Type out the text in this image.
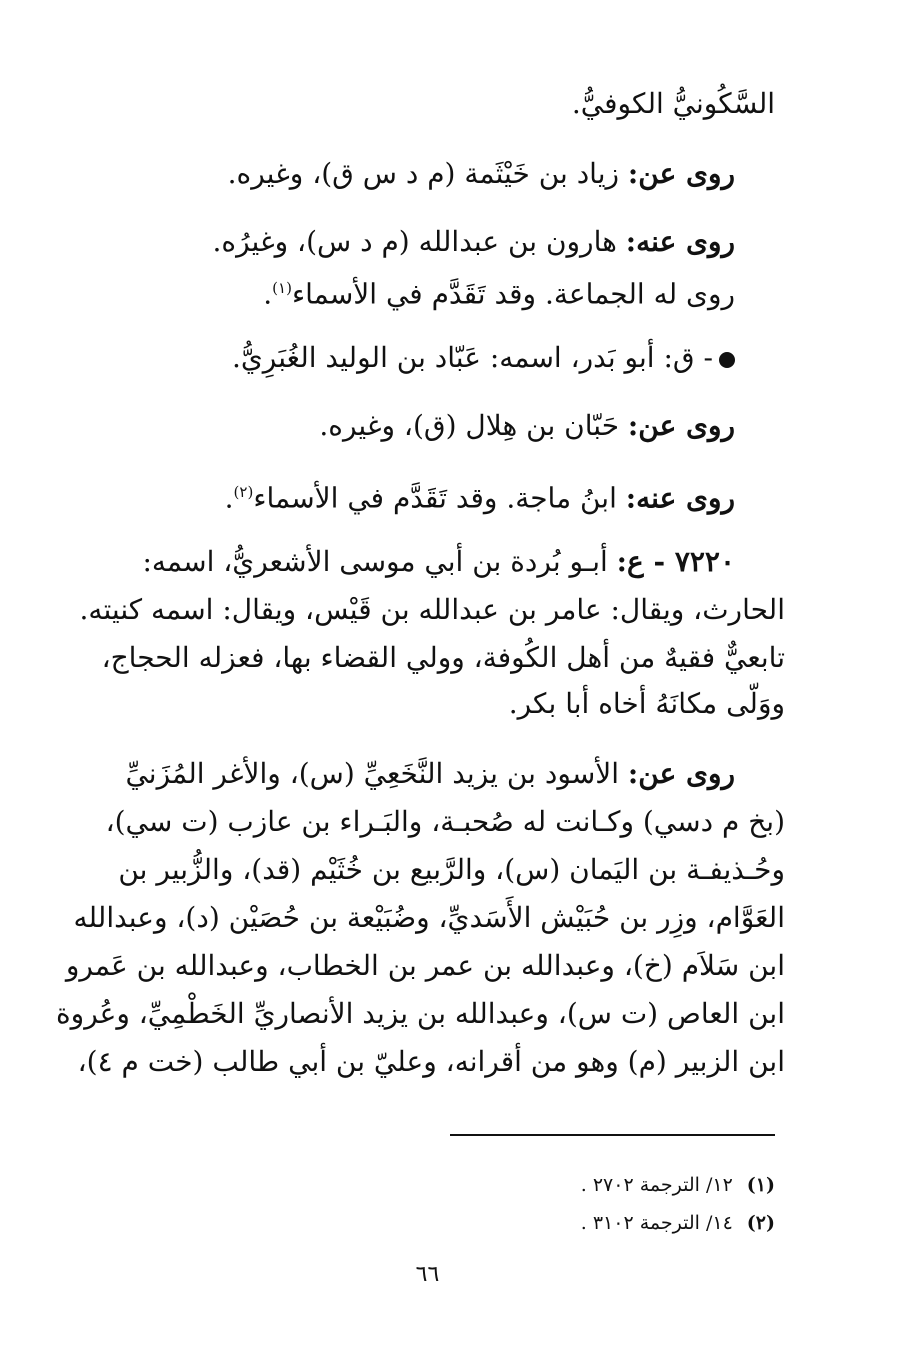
السَّكُونيُّ الكوفيُّ.
روى عن: زياد بن خَيْثَمة (م د س ق)، وغيره.
روى عنه: هارون بن عبدالله (م د س)، وغيرُه.
روى له الجماعة. وقد تَقَدَّم في الأسماء$^{(١)}$.
- ق: أبو بَدر، اسمه: عَبّاد بن الوليد الغُبَرِيُّ.
روى عن: حَبّان بن هِلال (ق)، وغيره.
روى عنه: ابنُ ماجة. وقد تَقَدَّم في الأسماء$^{(٢)}$.
٧٢٢٠ - ع: أبـو بُردة بن أبي موسى الأشعريُّ، اسمه:
الحارث، ويقال: عامر بن عبدالله بن قَيْس، ويقال: اسمه كنيته.
تابعيٌّ فقيهٌ من أهل الكُوفة، وولي القضاء بها، فعزله الحجاج،
ووَلّى مكانَهُ أخاه أبا بكر.
روى عن: الأسود بن يزيد النَّخَعِيِّ (س)، والأغر المُزَنيِّ
(بخ م دسي) وكـانت له صُحبـة، والبَـراء بن عازب (ت سي)،
وحُـذيفـة بن اليَمان (س)، والرَّبيع بن خُثَيْم (قد)، والزُّبير بن
العَوَّام، وزِر بن حُبَيْش الأَسَديِّ، وضُبَيْعة بن حُصَيْن (د)، وعبدالله
ابن سَلاَم (خ)، وعبدالله بن عمر بن الخطاب، وعبدالله بن عَمرو
ابن العاص (ت س)، وعبدالله بن يزيد الأنصاريِّ الخَطْمِيِّ، وعُروة
ابن الزبير (م) وهو من أقرانه، وعليّ بن أبي طالب (خت م ٤)،
(١)١٢/ الترجمة ٢٧٠٢ .
(٢)١٤/ الترجمة ٣١٠٢ .
٦٦
